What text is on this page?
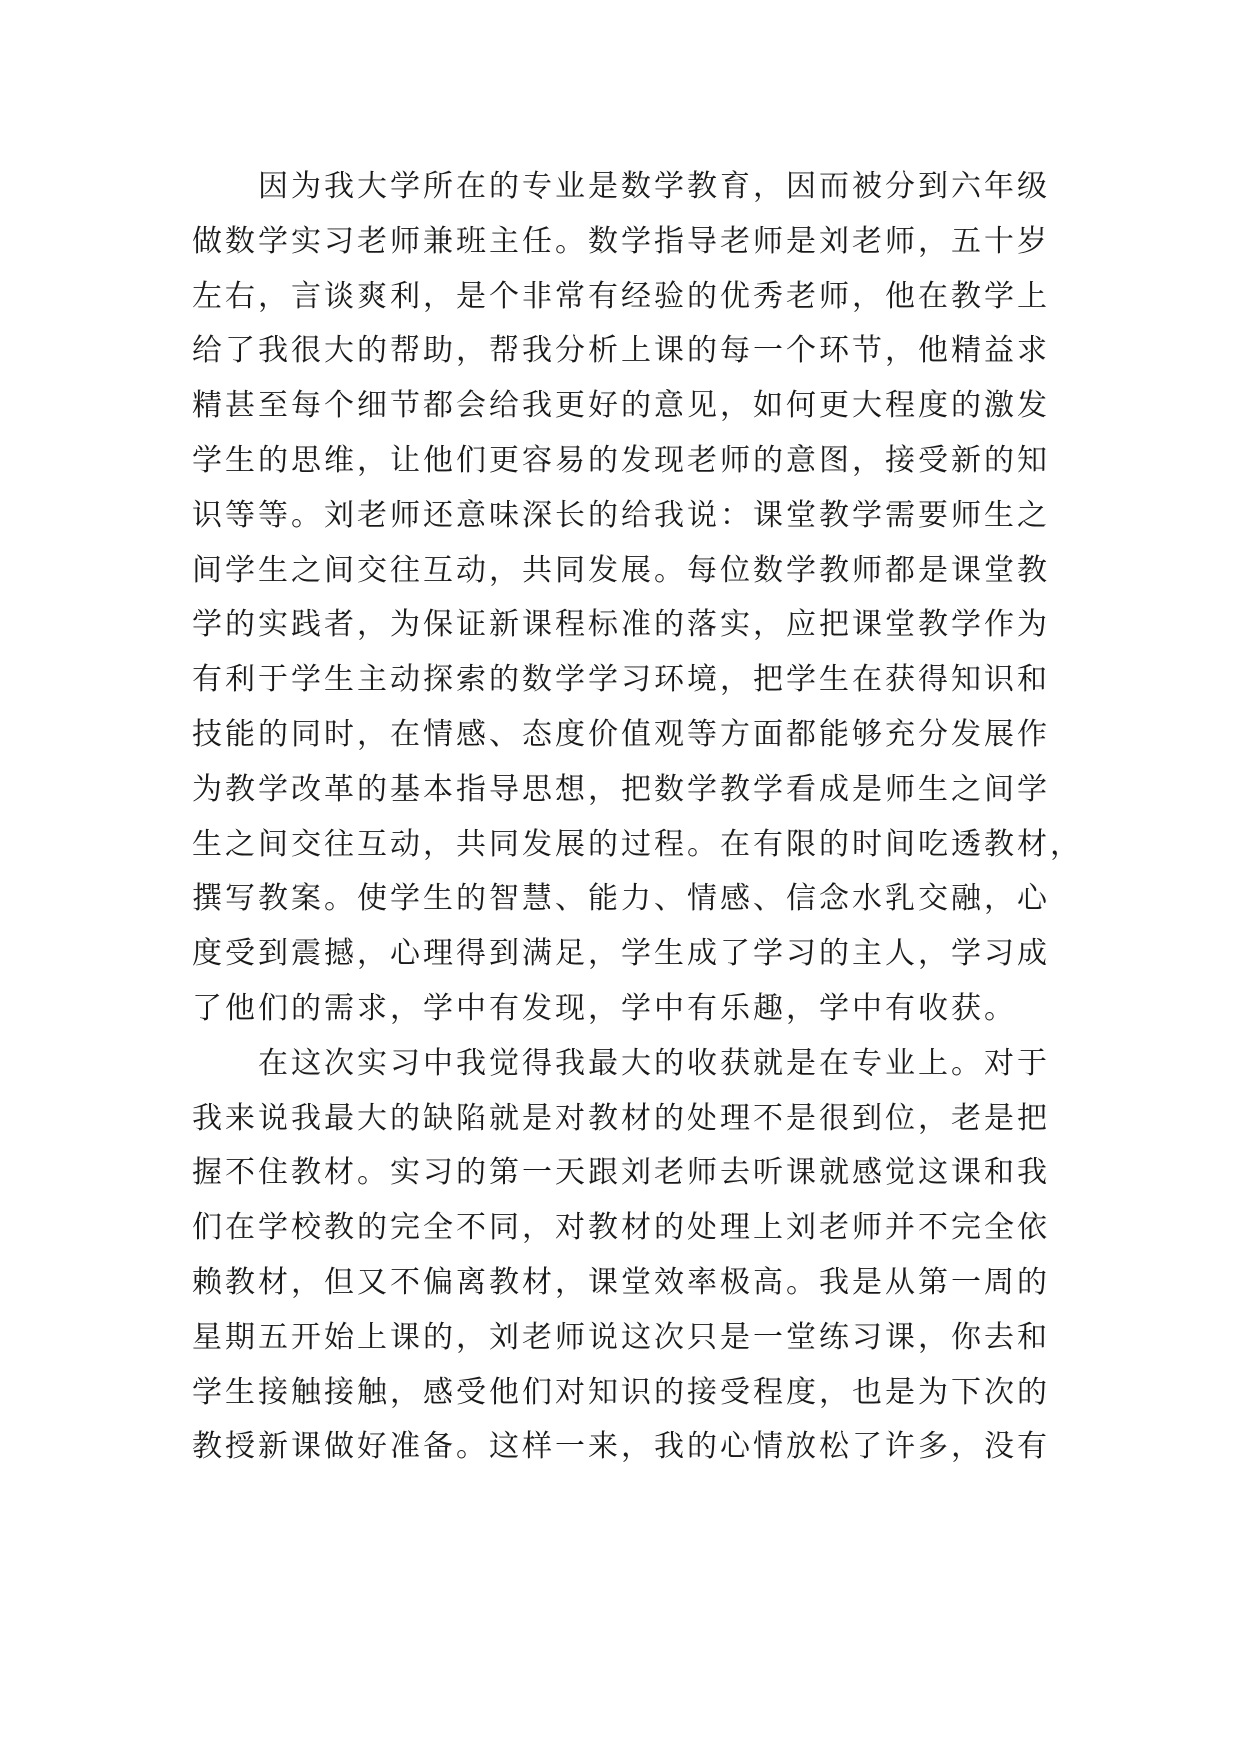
　　因为我大学所在的专业是数学教育，因而被分到六年级
做数学实习老师兼班主任。数学指导老师是刘老师，五十岁
左右，言谈爽利，是个非常有经验的优秀老师，他在教学上
给了我很大的帮助，帮我分析上课的每一个环节，他精益求
精甚至每个细节都会给我更好的意见，如何更大程度的激发
学生的思维，让他们更容易的发现老师的意图，接受新的知
识等等。刘老师还意味深长的给我说：课堂教学需要师生之
间学生之间交往互动，共同发展。每位数学教师都是课堂教
学的实践者，为保证新课程标准的落实，应把课堂教学作为
有利于学生主动探索的数学学习环境，把学生在获得知识和
技能的同时，在情感、态度价值观等方面都能够充分发展作
为教学改革的基本指导思想，把数学教学看成是师生之间学
生之间交往互动，共同发展的过程。在有限的时间吃透教材，
撰写教案。使学生的智慧、能力、情感、信念水乳交融，心
度受到震撼，心理得到满足，学生成了学习的主人，学习成
了他们的需求，学中有发现，学中有乐趣，学中有收获。
　　在这次实习中我觉得我最大的收获就是在专业上。对于
我来说我最大的缺陷就是对教材的处理不是很到位，老是把
握不住教材。实习的第一天跟刘老师去听课就感觉这课和我
们在学校教的完全不同，对教材的处理上刘老师并不完全依
赖教材，但又不偏离教材，课堂效率极高。我是从第一周的
星期五开始上课的，刘老师说这次只是一堂练习课，你去和
学生接触接触，感受他们对知识的接受程度，也是为下次的
教授新课做好准备。这样一来，我的心情放松了许多，没有
